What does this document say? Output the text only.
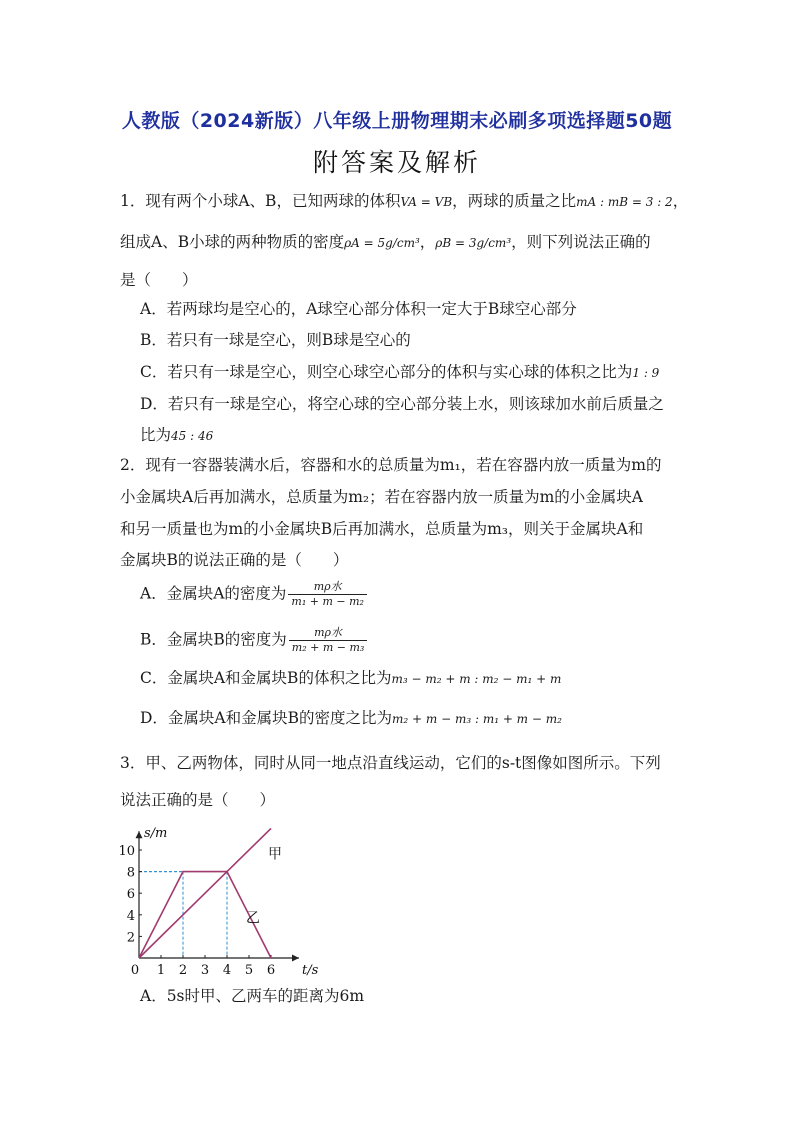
人教版（2024新版）八年级上册物理期末必刷多项选择题50题
附答案及解析
1．现有两个小球A、B，已知两球的体积VA = VB，两球的质量之比mA : mB = 3 : 2，
组成A、B小球的两种物质的密度ρA = 5g/cm³，ρB = 3g/cm³，则下列说法正确的
是（　　）
A．若两球均是空心的，A球空心部分体积一定大于B球空心部分
B．若只有一球是空心，则B球是空心的
C．若只有一球是空心，则空心球空心部分的体积与实心球的体积之比为1 : 9
D．若只有一球是空心，将空心球的空心部分装上水，则该球加水前后质量之
比为45 : 46
2．现有一容器装满水后，容器和水的总质量为m₁，若在容器内放一质量为m的
小金属块A后再加满水，总质量为m₂；若在容器内放一质量为m的小金属块A
和另一质量也为m的小金属块B后再加满水，总质量为m₃，则关于金属块A和
金属块B的说法正确的是（　　）
A．金属块A的密度为 $\frac{\text{mρ水}}{\text{m₁ + m − m₂}}$
B．金属块B的密度为 $\frac{\text{mρ水}}{\text{m₂ + m − m₃}}$
C．金属块A和金属块B的体积之比为m₃ − m₂ + m : m₂ − m₁ + m
D．金属块A和金属块B的密度之比为m₂ + m − m₃ : m₁ + m − m₂
3．甲、乙两物体，同时从同一地点沿直线运动，它们的s-t图像如图所示。下列
说法正确的是（　　）
0 1 2 3 4 5 6
2
4
6
8
10	甲
乙
s/m
t/s
A．5s时甲、乙两车的距离为6m
